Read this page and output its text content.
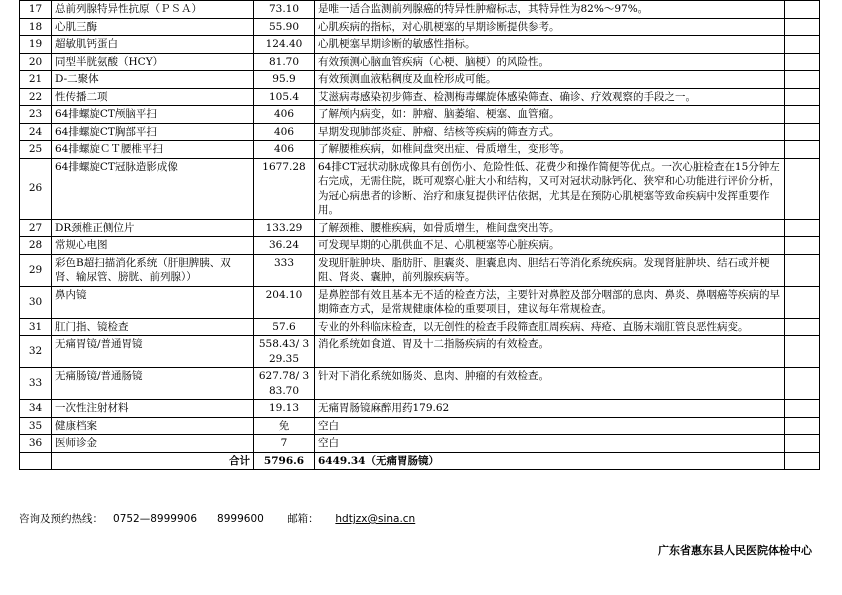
17	总前列腺特异性抗原（ＰＳＡ）	73.10	是唯一适合监测前列腺癌的特异性肿瘤标志，其特异性为82%～97%。	
18	心肌三酶	55.90	心肌疾病的指标，对心肌梗塞的早期诊断提供参考。	
19	超敏肌钙蛋白	124.40	心肌梗塞早期诊断的敏感性指标。	
20	同型半胱氨酸（HCY）	81.70	有效预测心脑血管疾病（心梗、脑梗）的风险性。	
21	D-二聚体	95.9	有效预测血液粘稠度及血栓形成可能。	
22	性传播二项	105.4	艾滋病毒感染初步筛查、检测梅毒螺旋体感染筛查、确诊、疗效观察的手段之一。	
23	64排螺旋CT颅脑平扫	406	了解颅内病变，如：肿瘤、脑萎缩、梗塞、血管瘤。	
24	64排螺旋CT胸部平扫	406	早期发现肺部炎症、肿瘤、结核等疾病的筛查方式。	
25	64排螺旋ＣＴ腰椎平扫	406	了解腰椎疾病，如椎间盘突出症、骨质增生，变形等。	
26	64排螺旋CT冠脉造影成像	1677.28	64排CT冠状动脉成像具有创伤小、危险性低、花费少和操作简便等优点。一次心脏检查在15分钟左右完成，无需住院，既可观察心脏大小和结构，又可对冠状动脉钙化、狭窄和心功能进行评价分析，为冠心病患者的诊断、治疗和康复提供评估依据，尤其是在预防心肌梗塞等致命疾病中发挥重要作用。	
27	DR颈椎正侧位片	133.29	了解颈椎、腰椎疾病，如骨质增生，椎间盘突出等。	
28	常规心电图	36.24	可发现早期的心肌供血不足、心肌梗塞等心脏疾病。	
29	彩色B超扫描消化系统（肝胆脾胰、双肾、输尿管、膀胱、前列腺））	333	发现肝脏肿块、脂肪肝、胆囊炎、胆囊息肉、胆结石等消化系统疾病。发现肾脏肿块、结石或并梗阻、肾炎、囊肿，前列腺疾病等。	
30	鼻内镜	204.10	是鼻腔部有效且基本无不适的检查方法，主要针对鼻腔及部分咽部的息肉、鼻炎、鼻咽癌等疾病的早期筛查方式，是常规健康体检的重要项目，建议每年常规检查。	
31	肛门指、镜检查	57.6	专业的外科临床检查，以无创性的检查手段筛查肛周疾病、痔疮、直肠末端肛管良恶性病变。	
32	无痛胃镜/普通胃镜	558.43/ 329.35	消化系统如食道、胃及十二指肠疾病的有效检查。	
33	无痛肠镜/普通肠镜	627.78/ 383.70	针对下消化系统如肠炎、息肉、肿瘤的有效检查。	
34	一次性注射材料	19.13	无痛胃肠镜麻醉用药179.62	
35	健康档案	免	空白	
36	医师诊金	7	空白	
	合计	5796.6	6449.34（无痛胃肠镜）	
咨询及预约热线： 0752—8999906 8999600 邮箱： hdtjzx@sina.cn
广东省惠东县人民医院体检中心
